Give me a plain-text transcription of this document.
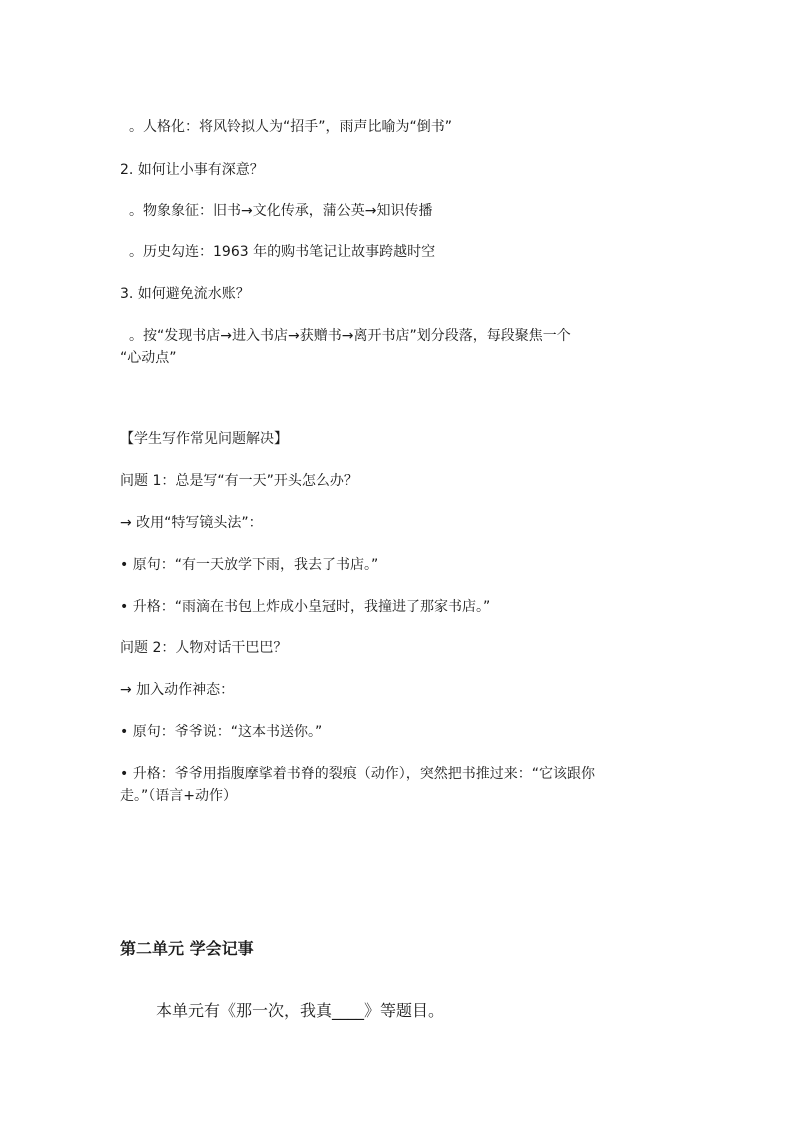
。人格化：将风铃拟人为“招手”，雨声比喻为“倒书”
2. 如何让小事有深意？
。物象象征：旧书→文化传承，蒲公英→知识传播
。历史勾连：1963 年的购书笔记让故事跨越时空
3. 如何避免流水账？
。按“发现书店→进入书店→获赠书→离开书店”划分段落，每段聚焦一个
“心动点”
【学生写作常见问题解决】
问题 1：总是写“有一天”开头怎么办？
→ 改用“特写镜头法”：
• 原句：“有一天放学下雨，我去了书店。”
• 升格：“雨滴在书包上炸成小皇冠时，我撞进了那家书店。”
问题 2：人物对话干巴巴？
→ 加入动作神态：
• 原句：爷爷说：“这本书送你。”
• 升格：爷爷用指腹摩挲着书脊的裂痕（动作），突然把书推过来：“它该跟你
走。”（语言+动作）
第二单元 学会记事
本单元有《那一次，我真____》等题目。
